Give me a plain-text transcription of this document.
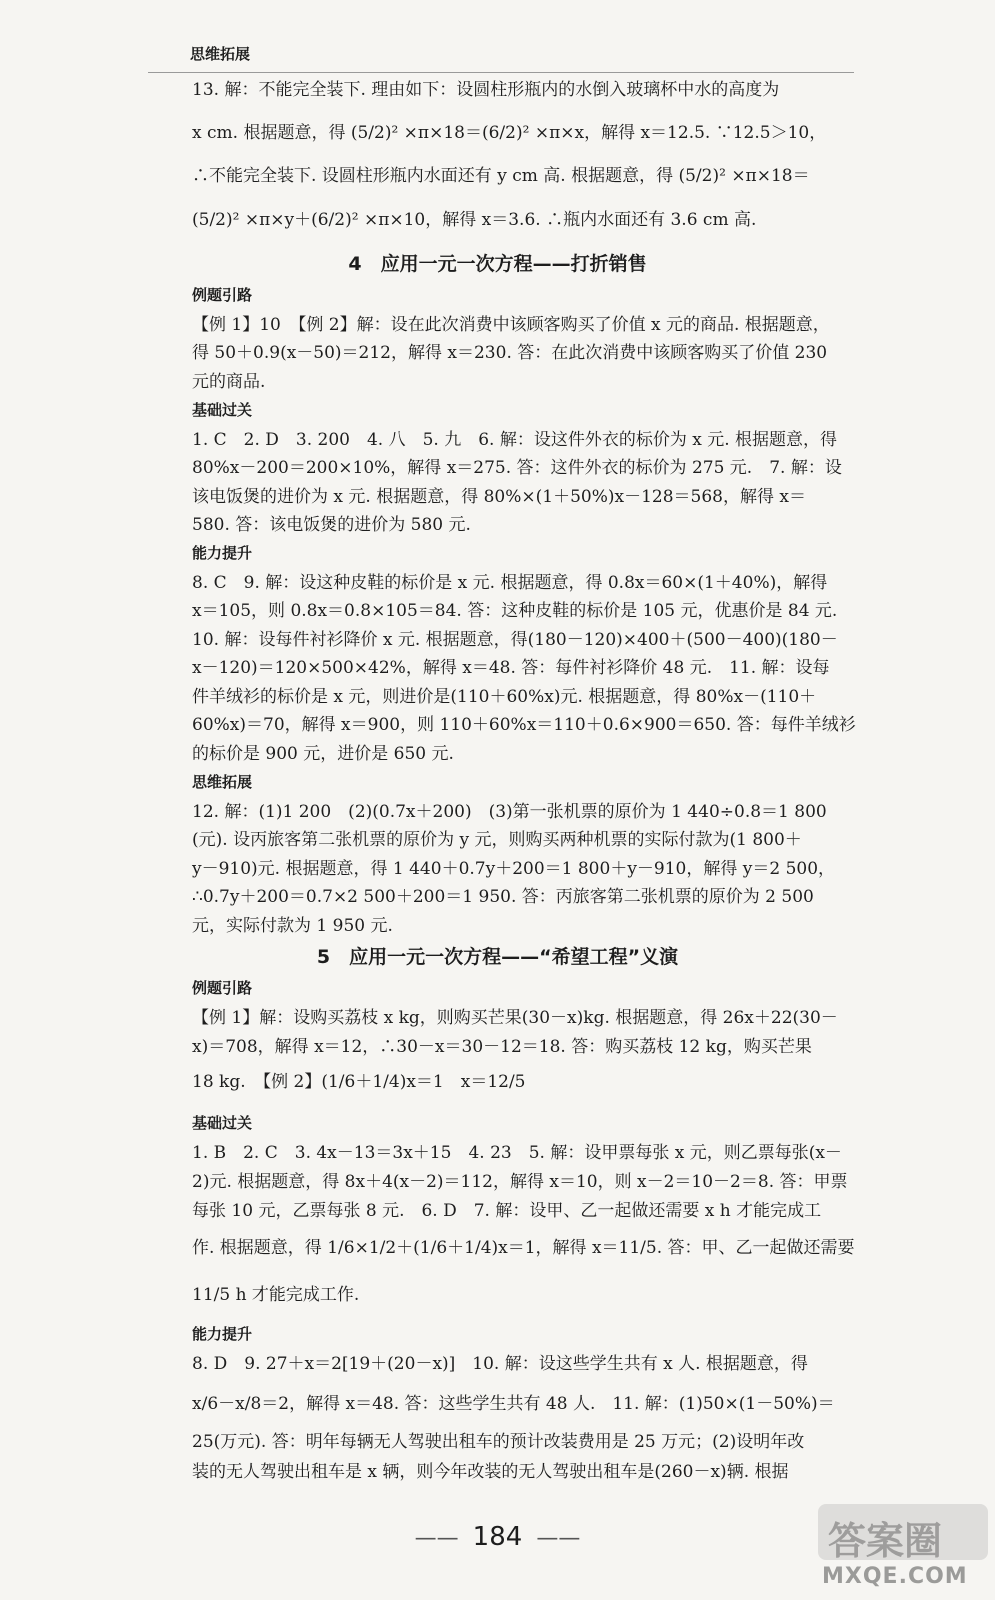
思维拓展
13. 解：不能完全装下. 理由如下：设圆柱形瓶内的水倒入玻璃杯中水的高度为
x cm. 根据题意，得 (5/2)² ×π×18＝(6/2)² ×π×x，解得 x＝12.5. ∵12.5＞10，
∴不能完全装下. 设圆柱形瓶内水面还有 y cm 高. 根据题意，得 (5/2)² ×π×18＝
(5/2)² ×π×y＋(6/2)² ×π×10，解得 x＝3.6. ∴瓶内水面还有 3.6 cm 高.
4  应用一元一次方程——打折销售
例题引路
【例 1】10　【例 2】解：设在此次消费中该顾客购买了价值 x 元的商品. 根据题意，
得 50＋0.9(x－50)＝212，解得 x＝230. 答：在此次消费中该顾客购买了价值 230
元的商品.
基础过关
1. C　2. D　3. 200　4. 八　5. 九　6. 解：设这件外衣的标价为 x 元. 根据题意，得
80%x－200＝200×10%，解得 x＝275. 答：这件外衣的标价为 275 元.　7. 解：设
该电饭煲的进价为 x 元. 根据题意，得 80%×(1＋50%)x－128＝568，解得 x＝
580. 答：该电饭煲的进价为 580 元.
能力提升
8. C　9. 解：设这种皮鞋的标价是 x 元. 根据题意，得 0.8x＝60×(1＋40%)，解得
x＝105，则 0.8x＝0.8×105＝84. 答：这种皮鞋的标价是 105 元，优惠价是 84 元.
10. 解：设每件衬衫降价 x 元. 根据题意，得(180－120)×400＋(500－400)(180－
x－120)＝120×500×42%，解得 x＝48. 答：每件衬衫降价 48 元.　11. 解：设每
件羊绒衫的标价是 x 元，则进价是(110＋60%x)元. 根据题意，得 80%x－(110＋
60%x)＝70，解得 x＝900，则 110＋60%x＝110＋0.6×900＝650. 答：每件羊绒衫
的标价是 900 元，进价是 650 元.
思维拓展
12. 解：(1)1 200　(2)(0.7x＋200)　(3)第一张机票的原价为 1 440÷0.8＝1 800
(元). 设丙旅客第二张机票的原价为 y 元，则购买两种机票的实际付款为(1 800＋
y－910)元. 根据题意，得 1 440＋0.7y＋200＝1 800＋y－910，解得 y＝2 500，
∴0.7y＋200＝0.7×2 500＋200＝1 950. 答：丙旅客第二张机票的原价为 2 500
元，实际付款为 1 950 元.
5  应用一元一次方程——“希望工程”义演
例题引路
【例 1】解：设购买荔枝 x kg，则购买芒果(30－x)kg. 根据题意，得 26x＋22(30－
x)＝708，解得 x＝12，∴30－x＝30－12＝18. 答：购买荔枝 12 kg，购买芒果
18 kg.　【例 2】(1/6＋1/4)x＝1　x＝12/5
基础过关
1. B　2. C　3. 4x－13＝3x＋15　4. 23　5. 解：设甲票每张 x 元，则乙票每张(x－
2)元. 根据题意，得 8x＋4(x－2)＝112，解得 x＝10，则 x－2＝10－2＝8. 答：甲票
每张 10 元，乙票每张 8 元.　6. D　7. 解：设甲、乙一起做还需要 x h 才能完成工
作. 根据题意，得 1/6×1/2＋(1/6＋1/4)x＝1，解得 x＝11/5. 答：甲、乙一起做还需要
11/5 h 才能完成工作.
能力提升
8. D　9. 27＋x＝2[19＋(20－x)]　10. 解：设这些学生共有 x 人. 根据题意，得
x/6－x/8＝2，解得 x＝48. 答：这些学生共有 48 人.　11. 解：(1)50×(1－50%)＝
25(万元). 答：明年每辆无人驾驶出租车的预计改装费用是 25 万元；(2)设明年改
装的无人驾驶出租车是 x 辆，则今年改装的无人驾驶出租车是(260－x)辆. 根据
—— 184 ——	答案圈
MXQE.COM
